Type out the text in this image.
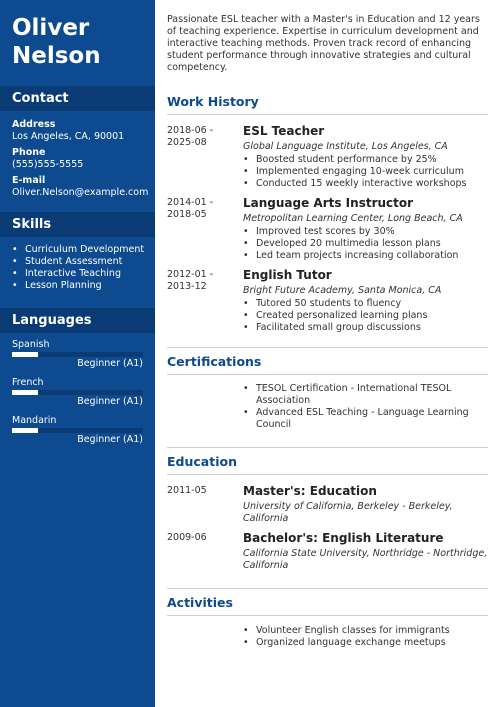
Oliver
Nelson
Contact
Address
Los Angeles, CA, 90001
Phone
(555)555-5555
E-mail
Oliver.Nelson@example.com
Skills
• Curriculum Development
• Student Assessment
• Interactive Teaching
• Lesson Planning
Languages
Spanish
Beginner (A1)
French
Beginner (A1)
Mandarin
Beginner (A1)

Passionate ESL teacher with a Master's in Education and 12 years of teaching experience. Expertise in curriculum development and interactive teaching methods. Proven track record of enhancing student performance through innovative strategies and cultural competency.

Work History
2018-06 - 2025-08
ESL Teacher
Global Language Institute, Los Angeles, CA
• Boosted student performance by 25%
• Implemented engaging 10-week curriculum
• Conducted 15 weekly interactive workshops
2014-01 - 2018-05
Language Arts Instructor
Metropolitan Learning Center, Long Beach, CA
• Improved test scores by 30%
• Developed 20 multimedia lesson plans
• Led team projects increasing collaboration
2012-01 - 2013-12
English Tutor
Bright Future Academy, Santa Monica, CA
• Tutored 50 students to fluency
• Created personalized learning plans
• Facilitated small group discussions
Certifications
• TESOL Certification - International TESOL Association
• Advanced ESL Teaching - Language Learning Council
Education
2011-05	Master's: Education
University of California, Berkeley - Berkeley, California
2009-06	Bachelor's: English Literature
California State University, Northridge - Northridge, California
Activities
• Volunteer English classes for immigrants
• Organized language exchange meetups
